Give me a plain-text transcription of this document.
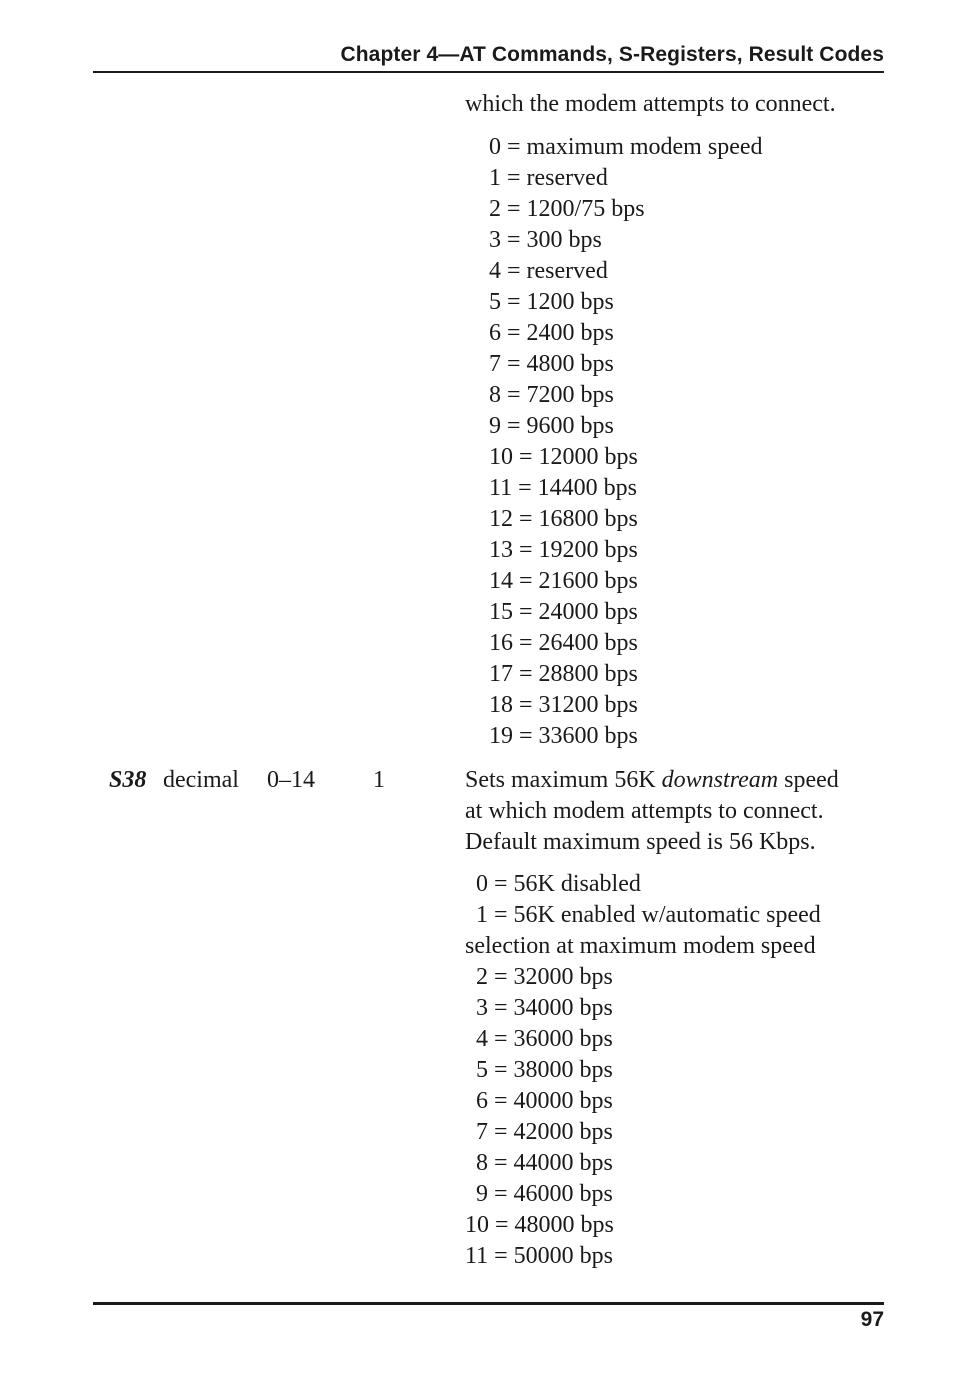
Chapter 4—AT Commands, S-Registers, Result Codes
which the modem attempts to connect.
0 = maximum modem speed
1 = reserved
2 = 1200/75 bps
3 = 300 bps
4 = reserved
5 = 1200 bps
6 = 2400 bps
7 = 4800 bps
8 = 7200 bps
9 = 9600 bps
10 = 12000 bps
11 = 14400 bps
12 = 16800 bps
13 = 19200 bps
14 = 21600 bps
15 = 24000 bps
16 = 26400 bps
17 = 28800 bps
18 = 31200 bps
19 = 33600 bps
S38 decimal 0–14 1	Sets maximum 56K downstream speed
at which modem attempts to connect.
Default maximum speed is 56 Kbps.
0 = 56K disabled
1 = 56K enabled w/automatic speed
selection at maximum modem speed
2 = 32000 bps
3 = 34000 bps
4 = 36000 bps
5 = 38000 bps
6 = 40000 bps
7 = 42000 bps
8 = 44000 bps
9 = 46000 bps
10 = 48000 bps
11 = 50000 bps
97
